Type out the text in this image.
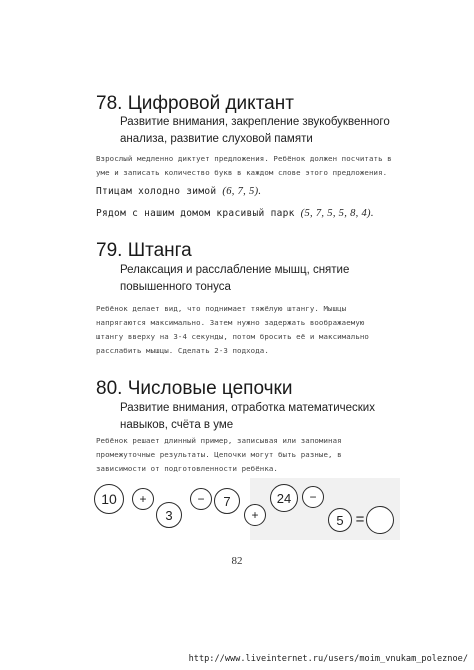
78. Цифровой диктант

Развитие внимания, закрепление звукобуквенного анализа, развитие слуховой памяти

Взрослый медленно диктует предложения. Ребёнок должен посчитать в уме и записать количество букв в каждом слове этого предложения.

Птицам холодно зимой (6, 7, 5).
Рядом с нашим домом красивый парк (5, 7, 5, 5, 8, 4).
79. Штанга

Релаксация и расслабление мышц, снятие повышенного тонуса

Ребёнок делает вид, что поднимает тяжёлую штангу. Мышцы напрягаются максимально. Затем нужно задержать воображаемую штангу вверху на 3-4 секунды, потом бросить её и максимально расслабить мышцы. Сделать 2-3 подхода.

80. Числовые цепочки

Развитие внимания, отработка математических навыков, счёта в уме

Ребёнок решает длинный пример, записывая или запоминая промежуточные результаты. Цепочки могут быть разные, в зависимости от подготовленности ребёнка.

10	+
3
−	7
+
24	−
5 =
82
http://www.liveinternet.ru/users/moim_vnukam_poleznoe/
